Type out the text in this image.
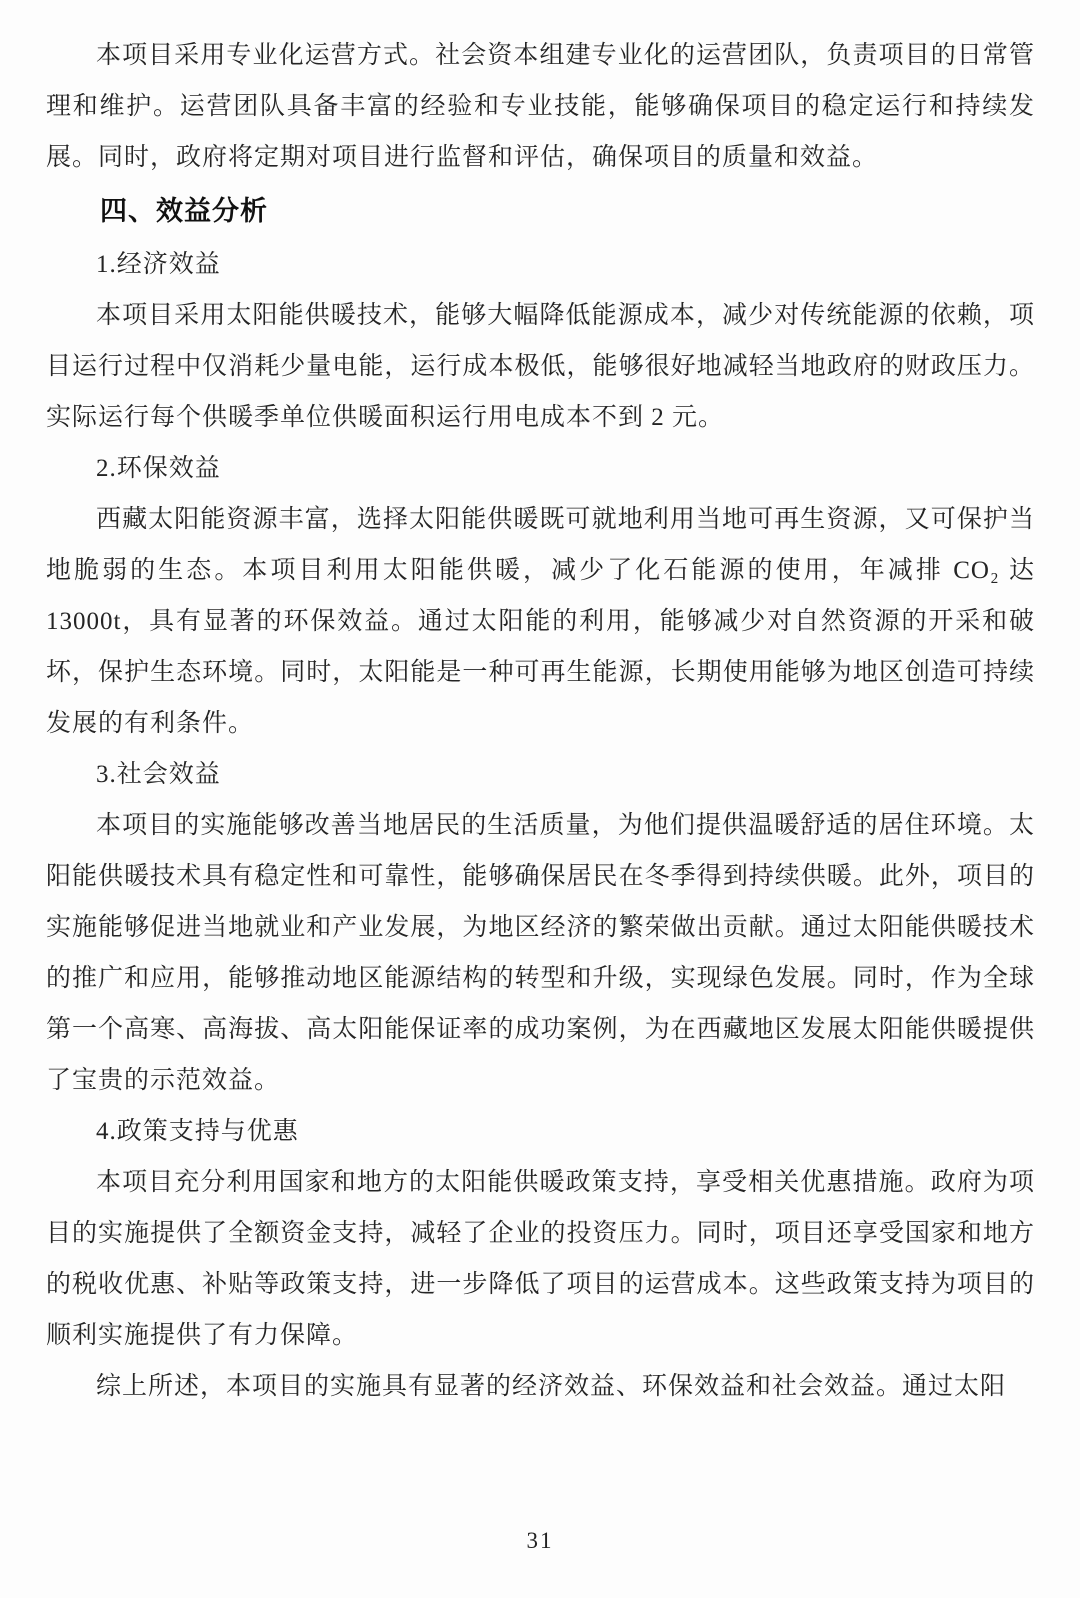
本项目采用专业化运营方式。社会资本组建专业化的运营团队，负责项目的日常管理和维护。运营团队具备丰富的经验和专业技能，能够确保项目的稳定运行和持续发展。同时，政府将定期对项目进行监督和评估，确保项目的质量和效益。

四、效益分析
1.经济效益

本项目采用太阳能供暖技术，能够大幅降低能源成本，减少对传统能源的依赖，项目运行过程中仅消耗少量电能，运行成本极低，能够很好地减轻当地政府的财政压力。实际运行每个供暖季单位供暖面积运行用电成本不到 2 元。

2.环保效益

西藏太阳能资源丰富，选择太阳能供暖既可就地利用当地可再生资源，又可保护当地脆弱的生态。本项目利用太阳能供暖，减少了化石能源的使用，年减排 CO₂ 达13000t，具有显著的环保效益。通过太阳能的利用，能够减少对自然资源的开采和破坏，保护生态环境。同时，太阳能是一种可再生能源，长期使用能够为地区创造可持续发展的有利条件。

3.社会效益

本项目的实施能够改善当地居民的生活质量，为他们提供温暖舒适的居住环境。太阳能供暖技术具有稳定性和可靠性，能够确保居民在冬季得到持续供暖。此外，项目的实施能够促进当地就业和产业发展，为地区经济的繁荣做出贡献。通过太阳能供暖技术的推广和应用，能够推动地区能源结构的转型和升级，实现绿色发展。同时，作为全球第一个高寒、高海拔、高太阳能保证率的成功案例，为在西藏地区发展太阳能供暖提供了宝贵的示范效益。

4.政策支持与优惠

本项目充分利用国家和地方的太阳能供暖政策支持，享受相关优惠措施。政府为项目的实施提供了全额资金支持，减轻了企业的投资压力。同时，项目还享受国家和地方的税收优惠、补贴等政策支持，进一步降低了项目的运营成本。这些政策支持为项目的顺利实施提供了有力保障。

综上所述，本项目的实施具有显著的经济效益、环保效益和社会效益。通过太阳

31
